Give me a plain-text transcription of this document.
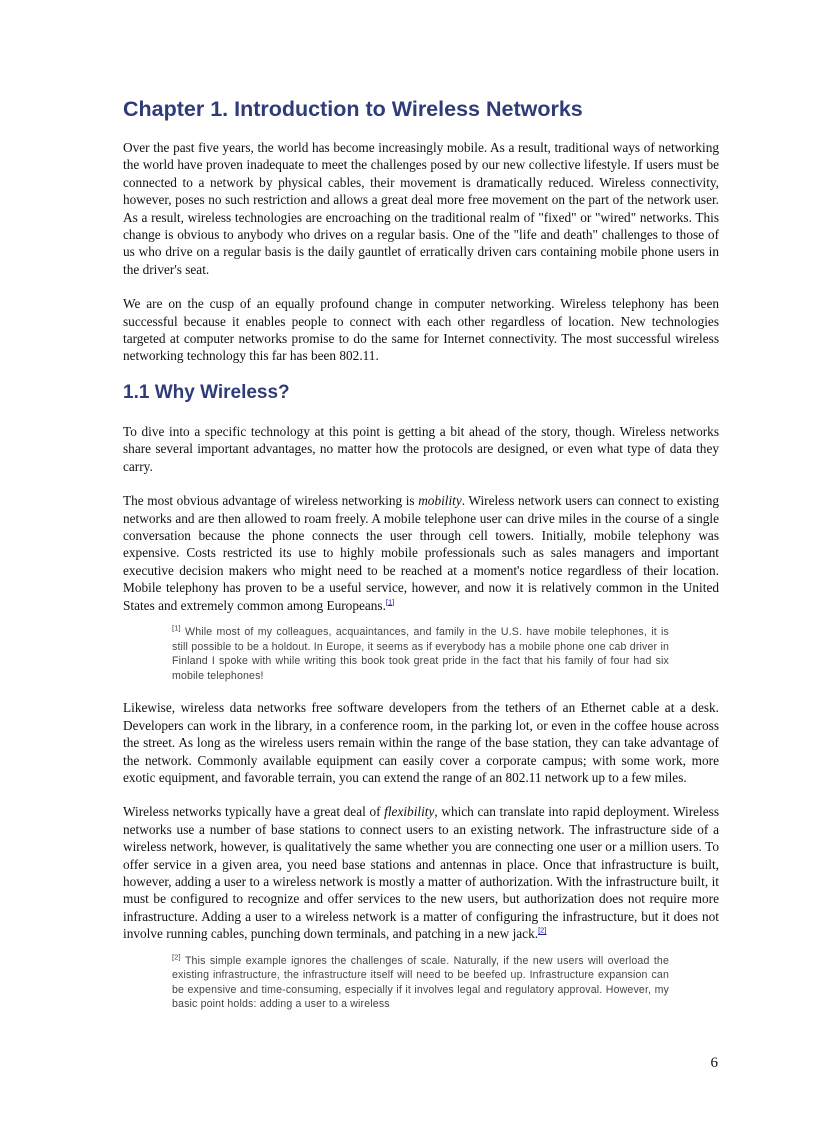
Chapter 1. Introduction to Wireless Networks

Over the past five years, the world has become increasingly mobile. As a result, traditional ways of networking the world have proven inadequate to meet the challenges posed by our new collective lifestyle. If users must be connected to a network by physical cables, their movement is dramatically reduced. Wireless connectivity, however, poses no such restriction and allows a great deal more free movement on the part of the network user. As a result, wireless technologies are encroaching on the traditional realm of "fixed" or "wired" networks. This change is obvious to anybody who drives on a regular basis. One of the "life and death" challenges to those of us who drive on a regular basis is the daily gauntlet of erratically driven cars containing mobile phone users in the driver's seat.

We are on the cusp of an equally profound change in computer networking. Wireless telephony has been successful because it enables people to connect with each other regardless of location. New technologies targeted at computer networks promise to do the same for Internet connectivity. The most successful wireless networking technology this far has been 802.11.

1.1 Why Wireless?

To dive into a specific technology at this point is getting a bit ahead of the story, though. Wireless networks share several important advantages, no matter how the protocols are designed, or even what type of data they carry.

The most obvious advantage of wireless networking is mobility. Wireless network users can connect to existing networks and are then allowed to roam freely. A mobile telephone user can drive miles in the course of a single conversation because the phone connects the user through cell towers. Initially, mobile telephony was expensive. Costs restricted its use to highly mobile professionals such as sales managers and important executive decision makers who might need to be reached at a moment's notice regardless of their location. Mobile telephony has proven to be a useful service, however, and now it is relatively common in the United States and extremely common among Europeans.[1]

[1] While most of my colleagues, acquaintances, and family in the U.S. have mobile telephones, it is still possible to be a holdout. In Europe, it seems as if everybody has a mobile phone one cab driver in Finland I spoke with while writing this book took great pride in the fact that his family of four had six mobile telephones!

Likewise, wireless data networks free software developers from the tethers of an Ethernet cable at a desk. Developers can work in the library, in a conference room, in the parking lot, or even in the coffee house across the street. As long as the wireless users remain within the range of the base station, they can take advantage of the network. Commonly available equipment can easily cover a corporate campus; with some work, more exotic equipment, and favorable terrain, you can extend the range of an 802.11 network up to a few miles.

Wireless networks typically have a great deal of flexibility, which can translate into rapid deployment. Wireless networks use a number of base stations to connect users to an existing network. The infrastructure side of a wireless network, however, is qualitatively the same whether you are connecting one user or a million users. To offer service in a given area, you need base stations and antennas in place. Once that infrastructure is built, however, adding a user to a wireless network is mostly a matter of authorization. With the infrastructure built, it must be configured to recognize and offer services to the new users, but authorization does not require more infrastructure. Adding a user to a wireless network is a matter of configuring the infrastructure, but it does not involve running cables, punching down terminals, and patching in a new jack.[2]

[2] This simple example ignores the challenges of scale. Naturally, if the new users will overload the existing infrastructure, the infrastructure itself will need to be beefed up. Infrastructure expansion can be expensive and time-consuming, especially if it involves legal and regulatory approval. However, my basic point holds: adding a user to a wireless
6
